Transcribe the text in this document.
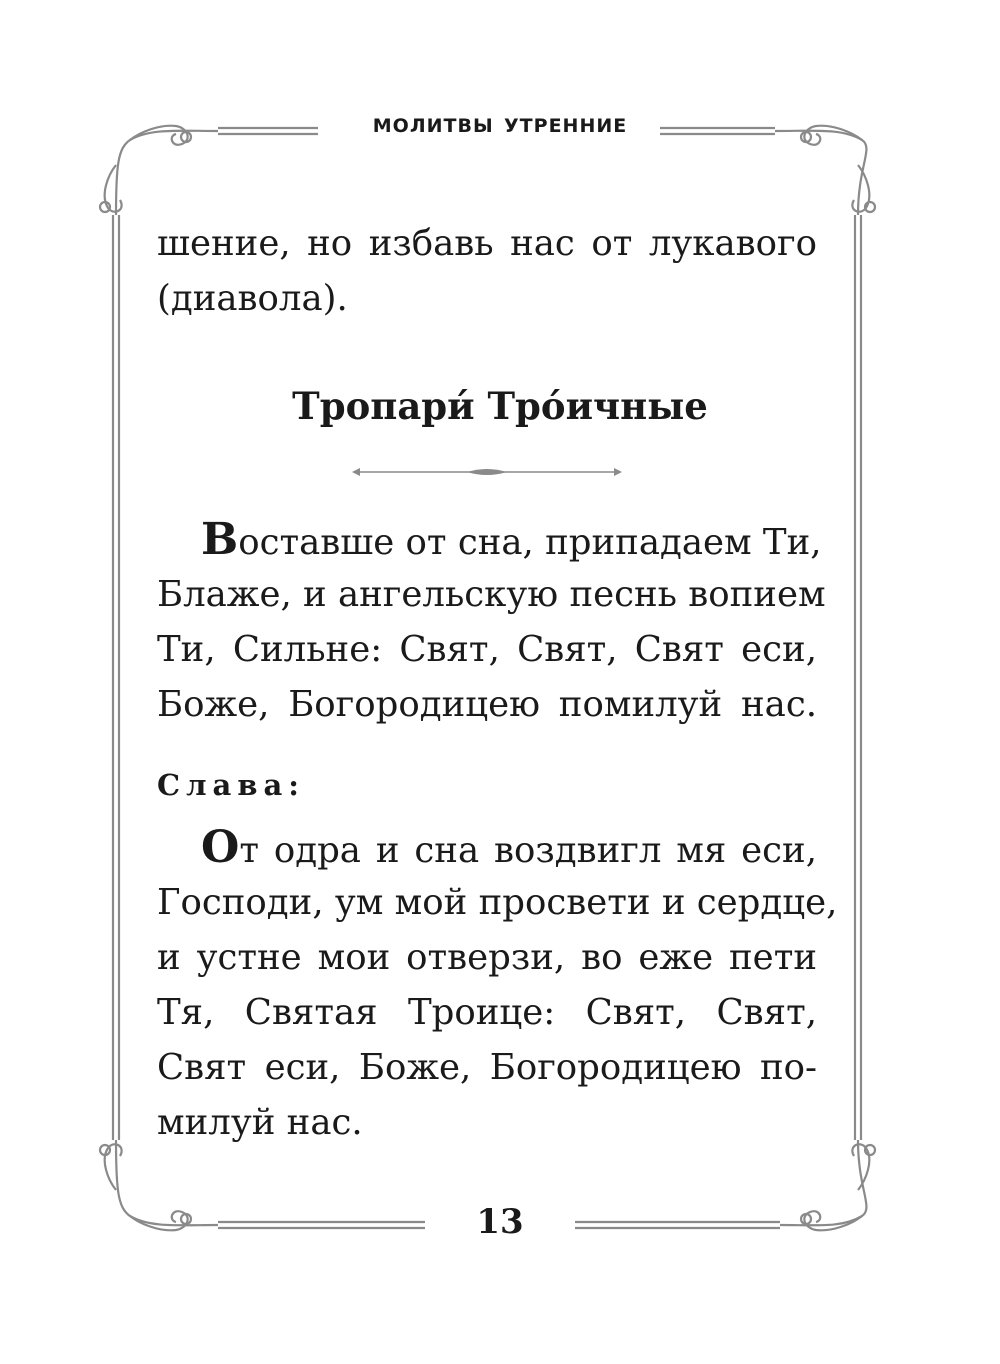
молитвы утренние
шение, но избавь нас от лукавого
(диавола).
Тропари́ Тро́ичные
Воставше от сна, припадаем Ти,
Блаже, и ангельскую песнь вопием
Ти, Сильне: Свят, Свят, Свят еси,
Боже, Богородицею помилуй нас.
Слава:
От одра и сна воздвигл мя еси,
Господи, ум мой просвети и сердце,
и устне мои отверзи, во еже пети
Тя, Святая Троице: Свят, Свят,
Свят еси, Боже, Богородицею по-
милуй нас.
13
